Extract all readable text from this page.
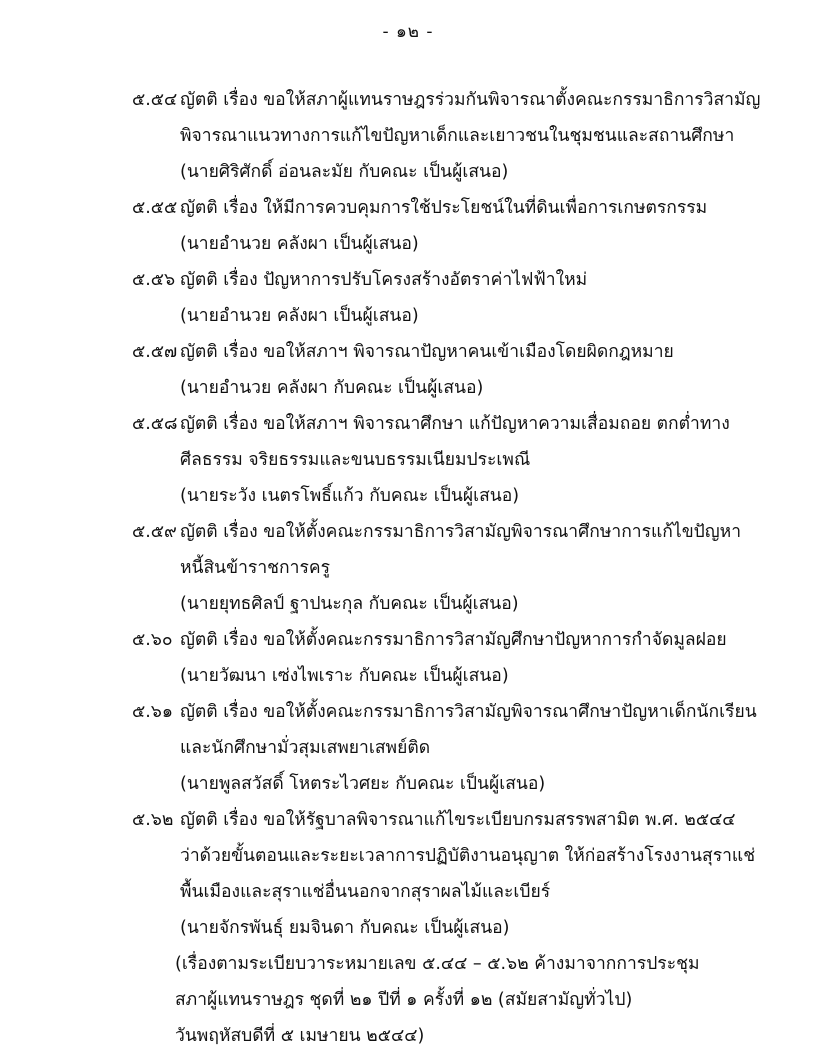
- ๑๒ -
๕.๕๔ ญัตติ เรื่อง ขอให้สภาผู้แทนราษฎรร่วมกันพิจารณาตั้งคณะกรรมาธิการวิสามัญ
พิจารณาแนวทางการแก้ไขปัญหาเด็กและเยาวชนในชุมชนและสถานศึกษา
(นายศิริศักดิ์ อ่อนละมัย กับคณะ เป็นผู้เสนอ)
๕.๕๕ ญัตติ เรื่อง ให้มีการควบคุมการใช้ประโยชน์ในที่ดินเพื่อการเกษตรกรรม
(นายอำนวย คลังผา เป็นผู้เสนอ)
๕.๕๖ ญัตติ เรื่อง ปัญหาการปรับโครงสร้างอัตราค่าไฟฟ้าใหม่
(นายอำนวย คลังผา เป็นผู้เสนอ)
๕.๕๗ ญัตติ เรื่อง ขอให้สภาฯ พิจารณาปัญหาคนเข้าเมืองโดยผิดกฎหมาย
(นายอำนวย คลังผา กับคณะ เป็นผู้เสนอ)
๕.๕๘ ญัตติ เรื่อง ขอให้สภาฯ พิจารณาศึกษา แก้ปัญหาความเสื่อมถอย ตกต่ำทาง
ศีลธรรม จริยธรรมและขนบธรรมเนียมประเพณี
(นายระวัง เนตรโพธิ์แก้ว กับคณะ เป็นผู้เสนอ)
๕.๕๙ ญัตติ เรื่อง ขอให้ตั้งคณะกรรมาธิการวิสามัญพิจารณาศึกษาการแก้ไขปัญหา
หนี้สินข้าราชการครู
(นายยุทธศิลป์ ฐาปนะกุล กับคณะ เป็นผู้เสนอ)
๕.๖๐ ญัตติ เรื่อง ขอให้ตั้งคณะกรรมาธิการวิสามัญศึกษาปัญหาการกำจัดมูลฝอย
(นายวัฒนา เซ่งไพเราะ กับคณะ เป็นผู้เสนอ)
๕.๖๑ ญัตติ เรื่อง ขอให้ตั้งคณะกรรมาธิการวิสามัญพิจารณาศึกษาปัญหาเด็กนักเรียน
และนักศึกษามั่วสุมเสพยาเสพย์ติด
(นายพูลสวัสดิ์ โหตระไวศยะ กับคณะ เป็นผู้เสนอ)
๕.๖๒ ญัตติ เรื่อง ขอให้รัฐบาลพิจารณาแก้ไขระเบียบกรมสรรพสามิต พ.ศ. ๒๕๔๔
ว่าด้วยขั้นตอนและระยะเวลาการปฏิบัติงานอนุญาต ให้ก่อสร้างโรงงานสุราแช่
พื้นเมืองและสุราแช่อื่นนอกจากสุราผลไม้และเบียร์
(นายจักรพันธุ์ ยมจินดา กับคณะ เป็นผู้เสนอ)
(เรื่องตามระเบียบวาระหมายเลข ๕.๔๔ – ๕.๖๒ ค้างมาจากการประชุม
สภาผู้แทนราษฎร ชุดที่ ๒๑ ปีที่ ๑ ครั้งที่ ๑๒ (สมัยสามัญทั่วไป)
วันพฤหัสบดีที่ ๕ เมษายน ๒๕๔๔)
